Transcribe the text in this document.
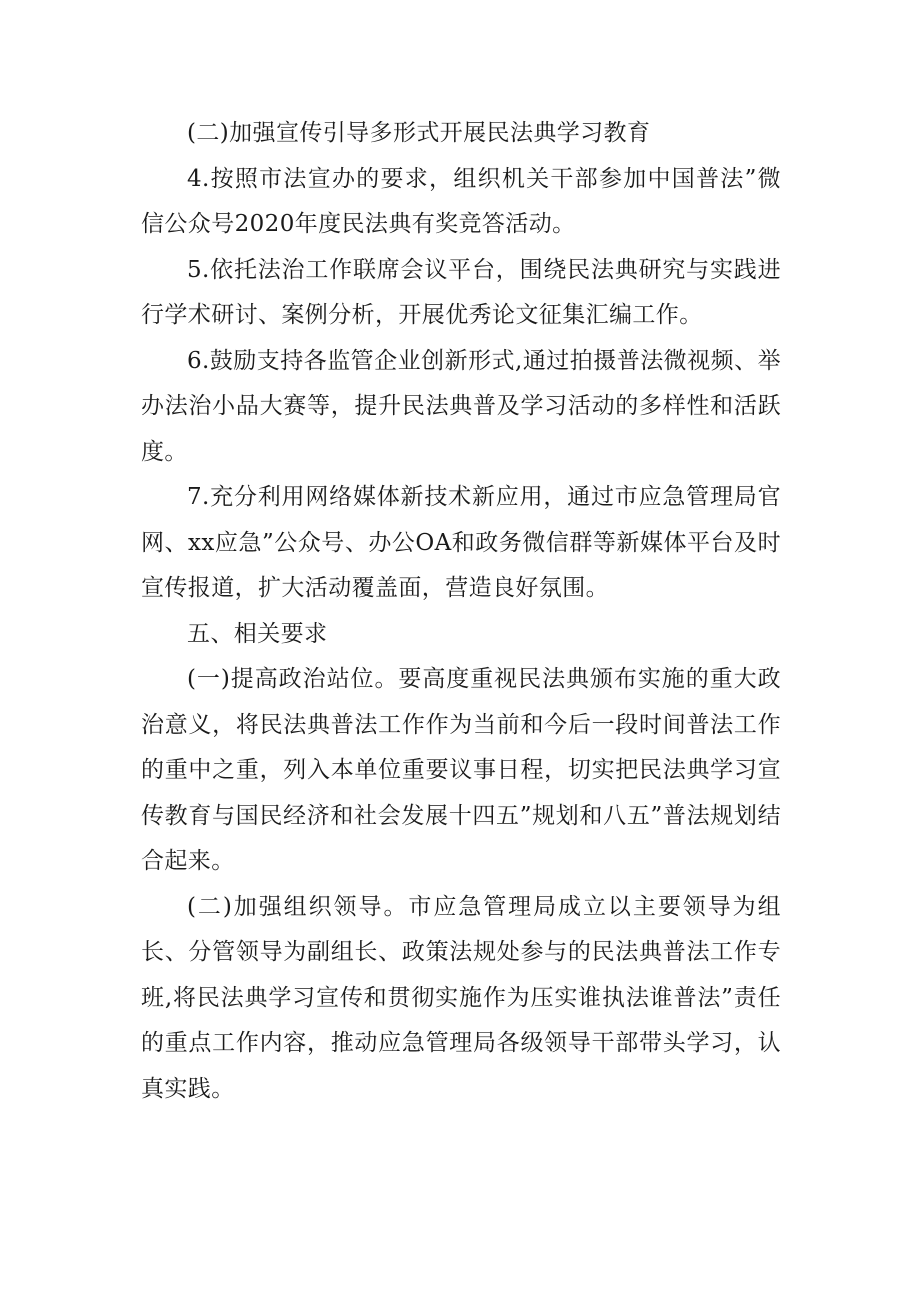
(二)加强宣传引导多形式开展民法典学习教育

4.按照市法宣办的要求，组织机关干部参加中国普法”微信公众号2020年度民法典有奖竞答活动。

5.依托法治工作联席会议平台，围绕民法典研究与实践进行学术研讨、案例分析，开展优秀论文征集汇编工作。

6.鼓励支持各监管企业创新形式,通过拍摄普法微视频、举办法治小品大赛等，提升民法典普及学习活动的多样性和活跃度。

7.充分利用网络媒体新技术新应用，通过市应急管理局官网、xx应急”公众号、办公OA和政务微信群等新媒体平台及时宣传报道，扩大活动覆盖面，营造良好氛围。

五、相关要求

(一)提高政治站位。要高度重视民法典颁布实施的重大政治意义，将民法典普法工作作为当前和今后一段时间普法工作的重中之重，列入本单位重要议事日程，切实把民法典学习宣传教育与国民经济和社会发展十四五”规划和八五”普法规划结合起来。

(二)加强组织领导。市应急管理局成立以主要领导为组长、分管领导为副组长、政策法规处参与的民法典普法工作专班,将民法典学习宣传和贯彻实施作为压实谁执法谁普法”责任的重点工作内容，推动应急管理局各级领导干部带头学习，认真实践。
